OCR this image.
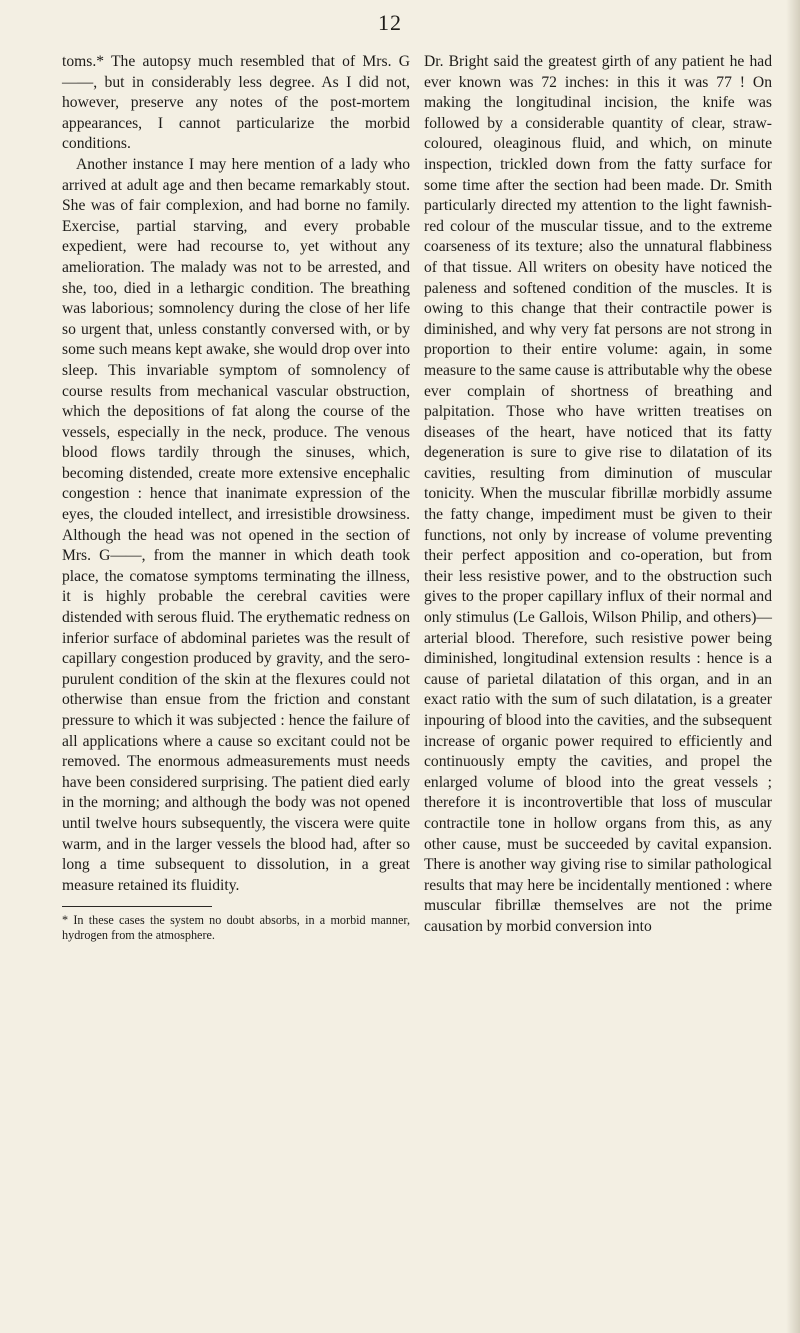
12

toms.* The autopsy much resembled that of Mrs. G——, but in considerably less degree. As I did not, however, preserve any notes of the post-mortem appearances, I cannot particularize the morbid conditions.

Another instance I may here mention of a lady who arrived at adult age and then became remarkably stout. She was of fair complexion, and had borne no family. Exercise, partial starving, and every probable expedient, were had recourse to, yet without any amelioration. The malady was not to be arrested, and she, too, died in a lethargic condition. The breathing was laborious; somnolency during the close of her life so urgent that, unless constantly conversed with, or by some such means kept awake, she would drop over into sleep. This invariable symptom of somnolency of course results from mechanical vascular obstruction, which the depositions of fat along the course of the vessels, especially in the neck, produce. The venous blood flows tardily through the sinuses, which, becoming distended, create more extensive encephalic congestion : hence that inanimate expression of the eyes, the clouded intellect, and irresistible drowsiness. Although the head was not opened in the section of Mrs. G——, from the manner in which death took place, the comatose symptoms terminating the illness, it is highly probable the cerebral cavities were distended with serous fluid. The erythematic redness on inferior surface of abdominal parietes was the result of capillary congestion produced by gravity, and the sero-purulent condition of the skin at the flexures could not otherwise than ensue from the friction and constant pressure to which it was subjected : hence the failure of all applications where a cause so excitant could not be removed. The enormous admeasurements must needs have been considered surprising. The patient died early in the morning; and although the body was not opened until twelve hours subsequently, the viscera were quite warm, and in the larger vessels the blood had, after so long a time subsequent to dissolution, in a great measure retained its fluidity.

* In these cases the system no doubt absorbs, in a morbid manner, hydrogen from the atmosphere.

Dr. Bright said the greatest girth of any patient he had ever known was 72 inches: in this it was 77 ! On making the longitudinal incision, the knife was followed by a considerable quantity of clear, straw-coloured, oleaginous fluid, and which, on minute inspection, trickled down from the fatty surface for some time after the section had been made. Dr. Smith particularly directed my attention to the light fawnish-red colour of the muscular tissue, and to the extreme coarseness of its texture; also the unnatural flabbiness of that tissue. All writers on obesity have noticed the paleness and softened condition of the muscles. It is owing to this change that their contractile power is diminished, and why very fat persons are not strong in proportion to their entire volume: again, in some measure to the same cause is attributable why the obese ever complain of shortness of breathing and palpitation. Those who have written treatises on diseases of the heart, have noticed that its fatty degeneration is sure to give rise to dilatation of its cavities, resulting from diminution of muscular tonicity. When the muscular fibrillæ morbidly assume the fatty change, impediment must be given to their functions, not only by increase of volume preventing their perfect apposition and co-operation, but from their less resistive power, and to the obstruction such gives to the proper capillary influx of their normal and only stimulus (Le Gallois, Wilson Philip, and others)—arterial blood. Therefore, such resistive power being diminished, longitudinal extension results : hence is a cause of parietal dilatation of this organ, and in an exact ratio with the sum of such dilatation, is a greater inpouring of blood into the cavities, and the subsequent increase of organic power required to efficiently and continuously empty the cavities, and propel the enlarged volume of blood into the great vessels ; therefore it is incontrovertible that loss of muscular contractile tone in hollow organs from this, as any other cause, must be succeeded by cavital expansion. There is another way giving rise to similar pathological results that may here be incidentally mentioned : where muscular fibrillæ themselves are not the prime causation by morbid conversion into
